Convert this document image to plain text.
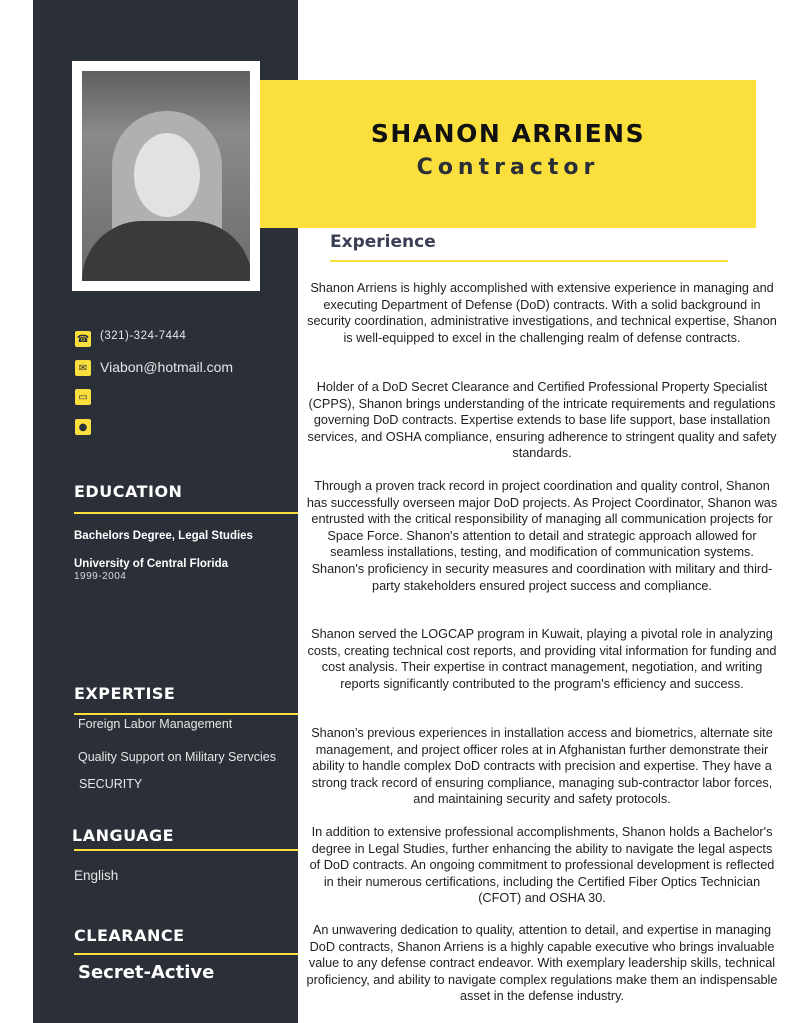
SHANON ARRIENS
Contractor
☎ (321)-324-7444
✉ Viabon@hotmail.com
▭
●
EDUCATION
Bachelors Degree, Legal Studies
University of Central Florida
1999-2004
EXPERTISE
Foreign Labor Management
Quality Support on Military Servcies
SECURITY
LANGUAGE
English
CLEARANCE
Secret-Active
Experience
Shanon Arriens is highly accomplished with extensive experience in managing and executing Department of Defense (DoD) contracts. With a solid background in security coordination, administrative investigations, and technical expertise, Shanon is well-equipped to excel in the challenging realm of defense contracts.
Holder of a DoD Secret Clearance and Certified Professional Property Specialist (CPPS), Shanon brings understanding of the intricate requirements and regulations governing DoD contracts. Expertise extends to base life support, base installation services, and OSHA compliance, ensuring adherence to stringent quality and safety standards.
Through a proven track record in project coordination and quality control, Shanon has successfully overseen major DoD projects. As Project Coordinator, Shanon was entrusted with the critical responsibility of managing all communication projects for Space Force. Shanon's attention to detail and strategic approach allowed for seamless installations, testing, and modification of communication systems. Shanon's proficiency in security measures and coordination with military and third-party stakeholders ensured project success and compliance.
Shanon served the LOGCAP program in Kuwait, playing a pivotal role in analyzing costs, creating technical cost reports, and providing vital information for funding and cost analysis. Their expertise in contract management, negotiation, and writing reports significantly contributed to the program's efficiency and success.
Shanon's previous experiences in installation access and biometrics, alternate site management, and project officer roles at in Afghanistan further demonstrate their ability to handle complex DoD contracts with precision and expertise. They have a strong track record of ensuring compliance, managing sub-contractor labor forces, and maintaining security and safety protocols.
In addition to extensive professional accomplishments, Shanon holds a Bachelor's degree in Legal Studies, further enhancing the ability to navigate the legal aspects of DoD contracts. An ongoing commitment to professional development is reflected in their numerous certifications, including the Certified Fiber Optics Technician (CFOT) and OSHA 30.
An unwavering dedication to quality, attention to detail, and expertise in managing DoD contracts, Shanon Arriens is a highly capable executive who brings invaluable value to any defense contract endeavor. With exemplary leadership skills, technical proficiency, and ability to navigate complex regulations make them an indispensable asset in the defense industry.
